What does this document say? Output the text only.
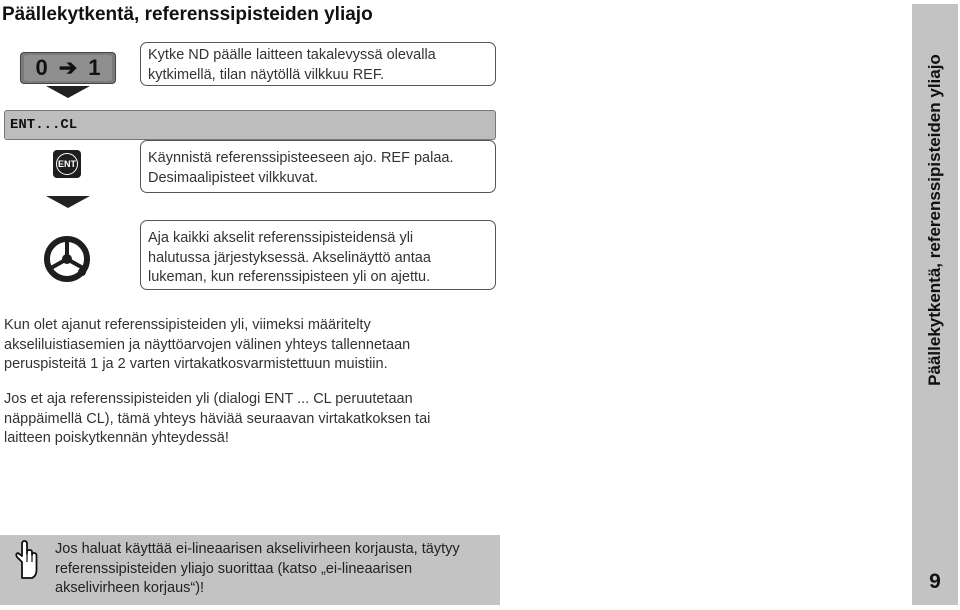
Päällekytkentä, referenssipisteiden yliajo
0 ➔ 1	Kytke ND päälle laitteen takalevyssä olevalla
kytkimellä, tilan näytöllä vilkkuu REF.
ENT...CL
ENT	Käynnistä referenssipisteeseen ajo. REF palaa.
Desimaalipisteet vilkkuvat.
Aja kaikki akselit referenssipisteidensä yli
halutussa järjestyksessä. Akselinäyttö antaa
lukeman, kun referenssipisteen yli on ajettu.
Kun olet ajanut referenssipisteiden yli, viimeksi määritelty
akseliluistiasemien ja näyttöarvojen välinen yhteys tallennetaan
peruspisteitä 1 ja 2 varten virtakatkosvarmistettuun muistiin.
Jos et aja referenssipisteiden yli (dialogi ENT ... CL peruutetaan
näppäimellä CL), tämä yhteys häviää seuraavan virtakatkoksen tai
laitteen poiskytkennän yhteydessä!
Jos haluat käyttää ei-lineaarisen akselivirheen korjausta, täytyy
referenssipisteiden yliajo suorittaa (katso „ei-lineaarisen
akselivirheen korjaus“)!
Päällekytkentä, referenssipisteiden yliajo
9
